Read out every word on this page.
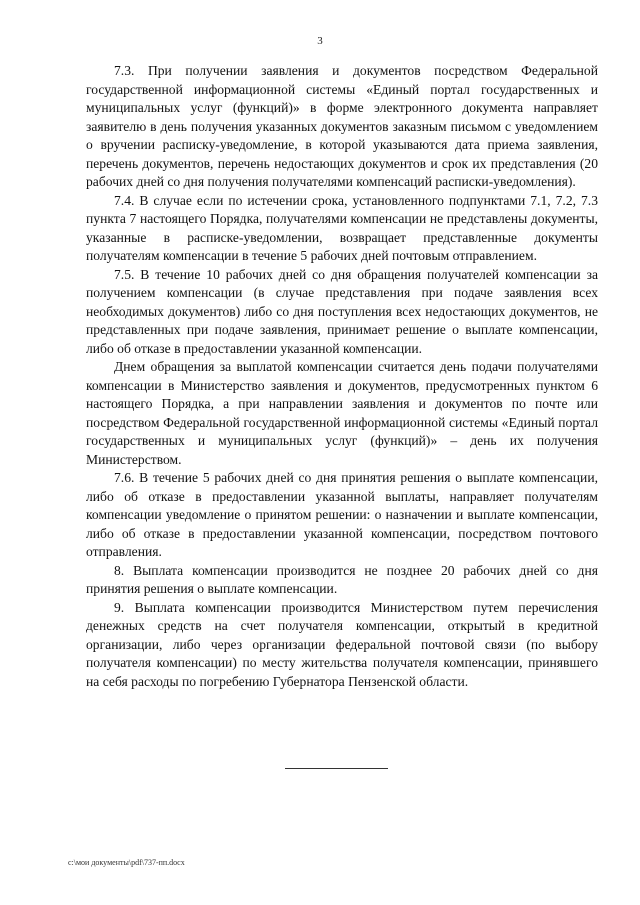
3

7.3. При получении заявления и документов посредством Федеральной государственной информационной системы «Единый портал государственных и муниципальных услуг (функций)» в форме электронного документа направляет заявителю в день получения указанных документов заказным письмом с уведомлением о вручении расписку-уведомление, в которой указываются дата приема заявления, перечень документов, перечень недостающих документов и срок их представления (20 рабочих дней со дня получения получателями компенсаций расписки-уведомления).

7.4. В случае если по истечении срока, установленного подпунктами 7.1, 7.2, 7.3 пункта 7 настоящего Порядка, получателями компенсации не представлены документы, указанные в расписке-уведомлении, возвращает представленные документы получателям компенсации в течение 5 рабочих дней почтовым отправлением.

7.5. В течение 10 рабочих дней со дня обращения получателей компенсации за получением компенсации (в случае представления при подаче заявления всех необходимых документов) либо со дня поступления всех недостающих документов, не представленных при подаче заявления, принимает решение о выплате компенсации, либо об отказе в предоставлении указанной компенсации.

Днем обращения за выплатой компенсации считается день подачи получателями компенсации в Министерство заявления и документов, предусмотренных пунктом 6 настоящего Порядка, а при направлении заявления и документов по почте или посредством Федеральной государственной информационной системы «Единый портал государственных и муниципальных услуг (функций)» – день их получения Министерством.

7.6. В течение 5 рабочих дней со дня принятия решения о выплате компенсации, либо об отказе в предоставлении указанной выплаты, направляет получателям компенсации уведомление о принятом решении: о назначении и выплате компенсации, либо об отказе в предоставлении указанной компенсации, посредством почтового отправления.

8. Выплата компенсации производится не позднее 20 рабочих дней со дня принятия решения о выплате компенсации.

9. Выплата компенсации производится Министерством путем перечисления денежных средств на счет получателя компенсации, открытый в кредитной организации, либо через организации федеральной почтовой связи (по выбору получателя компенсации) по месту жительства получателя компенсации, принявшего на себя расходы по погребению Губернатора Пензенской области.

c:\мои документы\pdf\737-пп.docx
